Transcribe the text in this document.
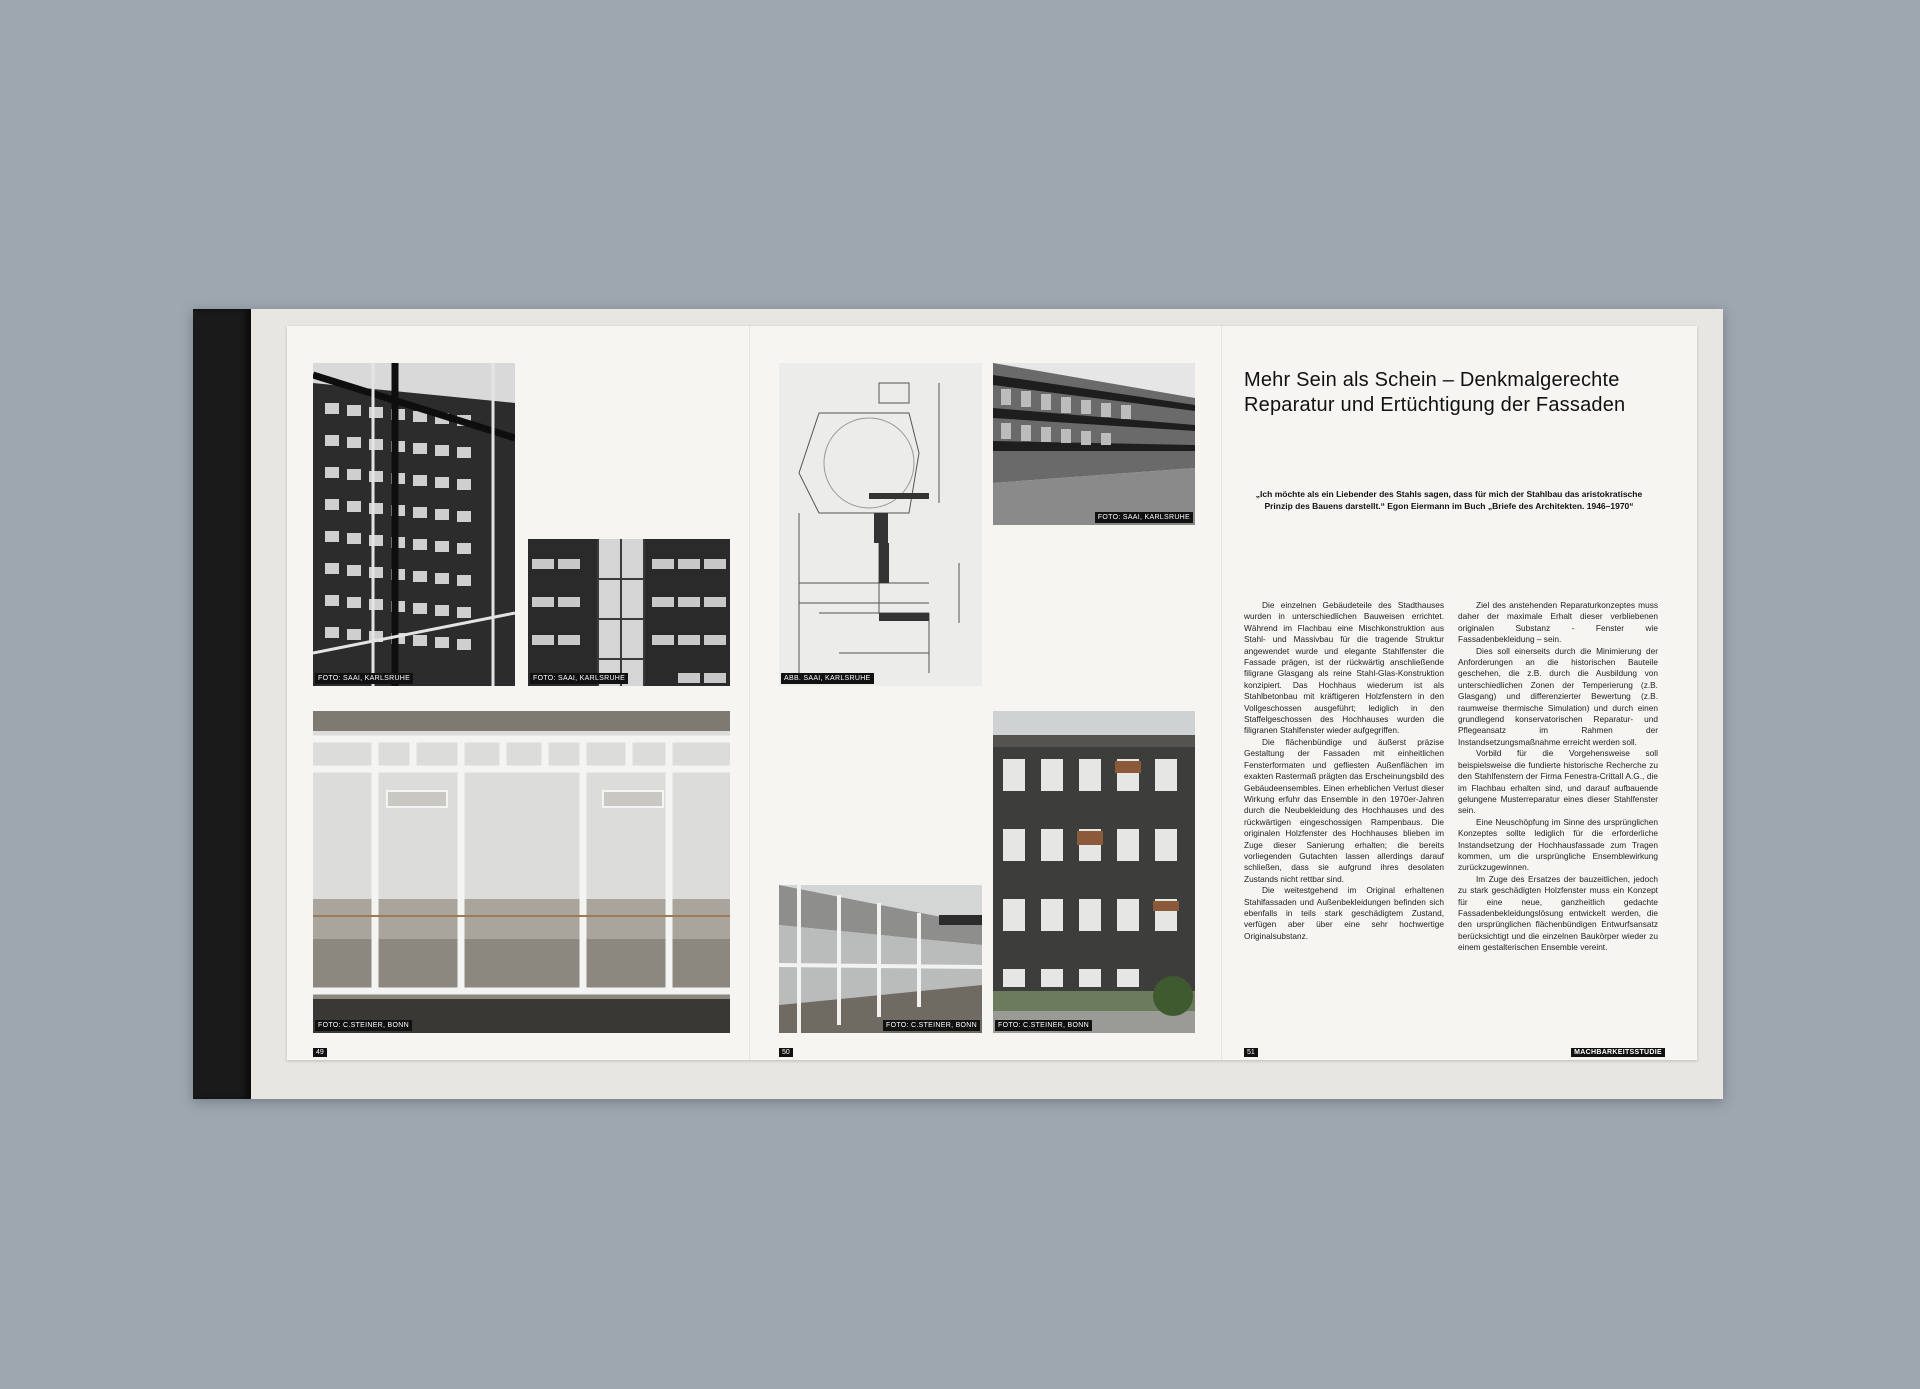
FOTO: SAAI, KARLSRUHE	FOTO: SAAI, KARLSRUHE
FOTO: C.STEINER, BONN
ABB. SAAI, KARLSRUHE
FOTO: SAAI, KARLSRUHE
FOTO: C.STEINER, BONN	FOTO: C.STEINER, BONN
Mehr Sein als Schein – Denkmalgerechte
Reparatur und Ertüchtigung der Fassaden

„Ich möchte als ein Liebender des Stahls sagen, dass für mich der Stahlbau das aristokratische Prinzip des Bauens darstellt.“ Egon Eiermann im Buch „Briefe des Architekten. 1946–1970“

Die einzelnen Gebäudeteile des Stadthauses wurden in unterschiedlichen Bauweisen errichtet. Während im Flachbau eine Mischkonstruktion aus Stahl- und Massivbau für die tragende Struktur angewendet wurde und elegante Stahlfenster die Fassade prägen, ist der rückwärtig anschließende filigrane Glasgang als reine Stahl-Glas-Konstruktion konzipiert. Das Hochhaus wiederum ist als Stahlbetonbau mit kräftigeren Holzfenstern in den Vollgeschossen ausgeführt; lediglich in den Staffelgeschossen des Hochhauses wurden die filigranen Stahlfenster wieder aufgegriffen.

Die flächenbündige und äußerst präzise Gestaltung der Fassaden mit einheitlichen Fensterformaten und gefliesten Außenflächen im exakten Rastermaß prägten das Erscheinungsbild des Gebäudeensembles. Einen erheblichen Verlust dieser Wirkung erfuhr das Ensemble in den 1970er-Jahren durch die Neubekleidung des Hochhauses und des rückwärtigen eingeschossigen Rampenbaus. Die originalen Holzfenster des Hochhauses blieben im Zuge dieser Sanierung erhalten; die bereits vorliegenden Gutachten lassen allerdings darauf schließen, dass sie aufgrund ihres desolaten Zustands nicht rettbar sind.

Die weitestgehend im Original erhaltenen Stahlfassaden und Außenbekleidungen befinden sich ebenfalls in teils stark geschädigtem Zustand, verfügen aber über eine sehr hochwertige Originalsubstanz.

Ziel des anstehenden Reparaturkonzeptes muss daher der maximale Erhalt dieser verbliebenen originalen Substanz - Fenster wie Fassadenbekleidung – sein.

Dies soll einerseits durch die Minimierung der Anforderungen an die historischen Bauteile geschehen, die z.B. durch die Ausbildung von unterschiedlichen Zonen der Temperierung (z.B. Glasgang) und differenzierter Bewertung (z.B. raumweise thermische Simulation) und durch einen grundlegend konservatorischen Reparatur- und Pflegeansatz im Rahmen der Instandsetzungsmaßnahme erreicht werden soll.

Vorbild für die Vorgehensweise soll beispielsweise die fundierte historische Recherche zu den Stahlfenstern der Firma Fenestra-Crittall A.G., die im Flachbau erhalten sind, und darauf aufbauende gelungene Musterreparatur eines dieser Stahlfenster sein.

Eine Neuschöpfung im Sinne des ursprünglichen Konzeptes sollte lediglich für die erforderliche Instandsetzung der Hochhausfassade zum Tragen kommen, um die ursprüngliche Ensemblewirkung zurückzugewinnen.

Im Zuge des Ersatzes der bauzeitlichen, jedoch zu stark geschädigten Holzfenster muss ein Konzept für eine neue, ganzheitlich gedachte Fassadenbekleidungslösung entwickelt werden, die den ursprünglichen flächenbündigen Entwurfsansatz berücksichtigt und die einzelnen Baukörper wieder zu einem gestalterischen Ensemble vereint.

49	50	51	MACHBARKEITSSTUDIE
